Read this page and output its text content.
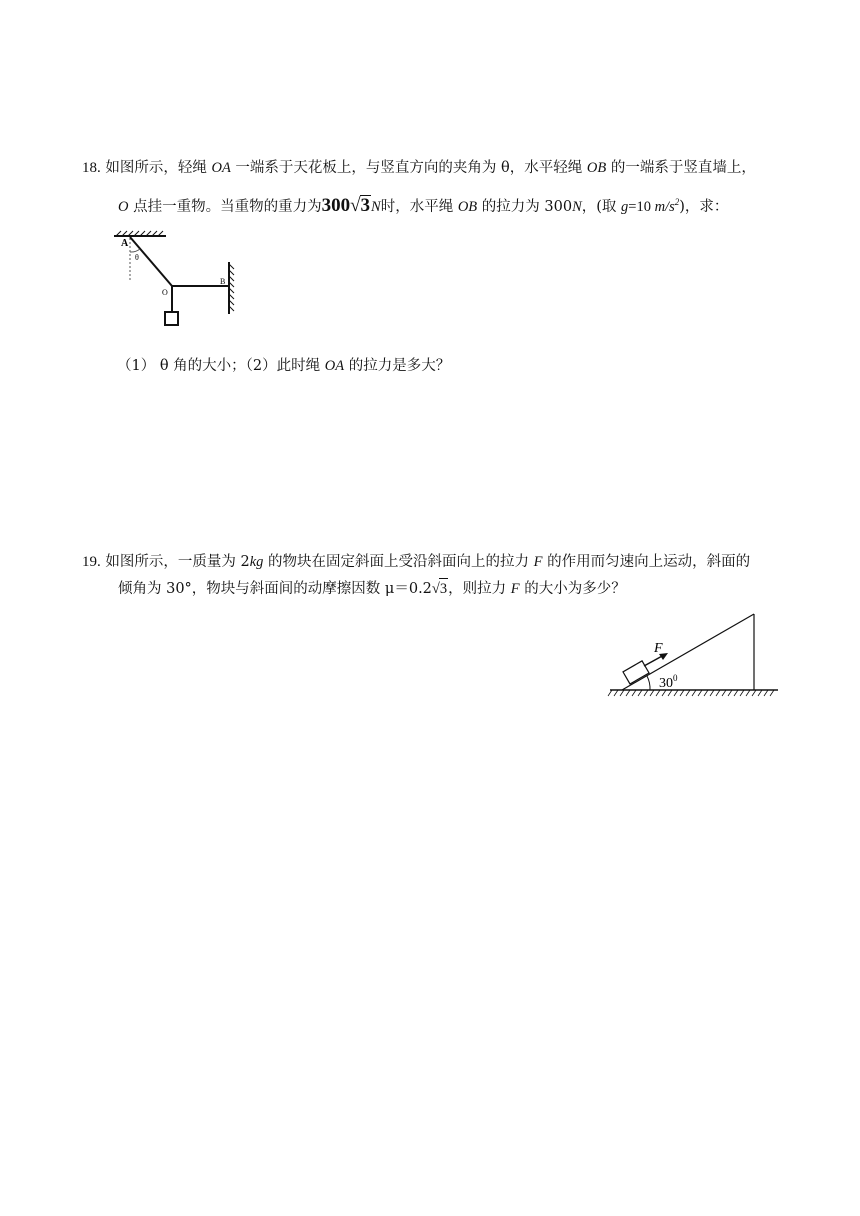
18. 如图所示，轻绳 OA 一端系于天花板上，与竖直方向的夹角为 θ，水平轻绳 OB 的一端系于竖直墙上，
O 点挂一重物。当重物的重力为300√3N时，水平绳 OB 的拉力为 300N，(取 g=10 $m/s^2$)，求：
A
θ
O
B
（1） θ 角的大小；（2）此时绳 OA 的拉力是多大？
19. 如图所示，一质量为 2kg 的物块在固定斜面上受沿斜面向上的拉力 F 的作用而匀速向上运动，斜面的
倾角为 30°，物块与斜面间的动摩擦因数 μ＝0.2√3，则拉力 F 的大小为多少？
F
$30^0$
